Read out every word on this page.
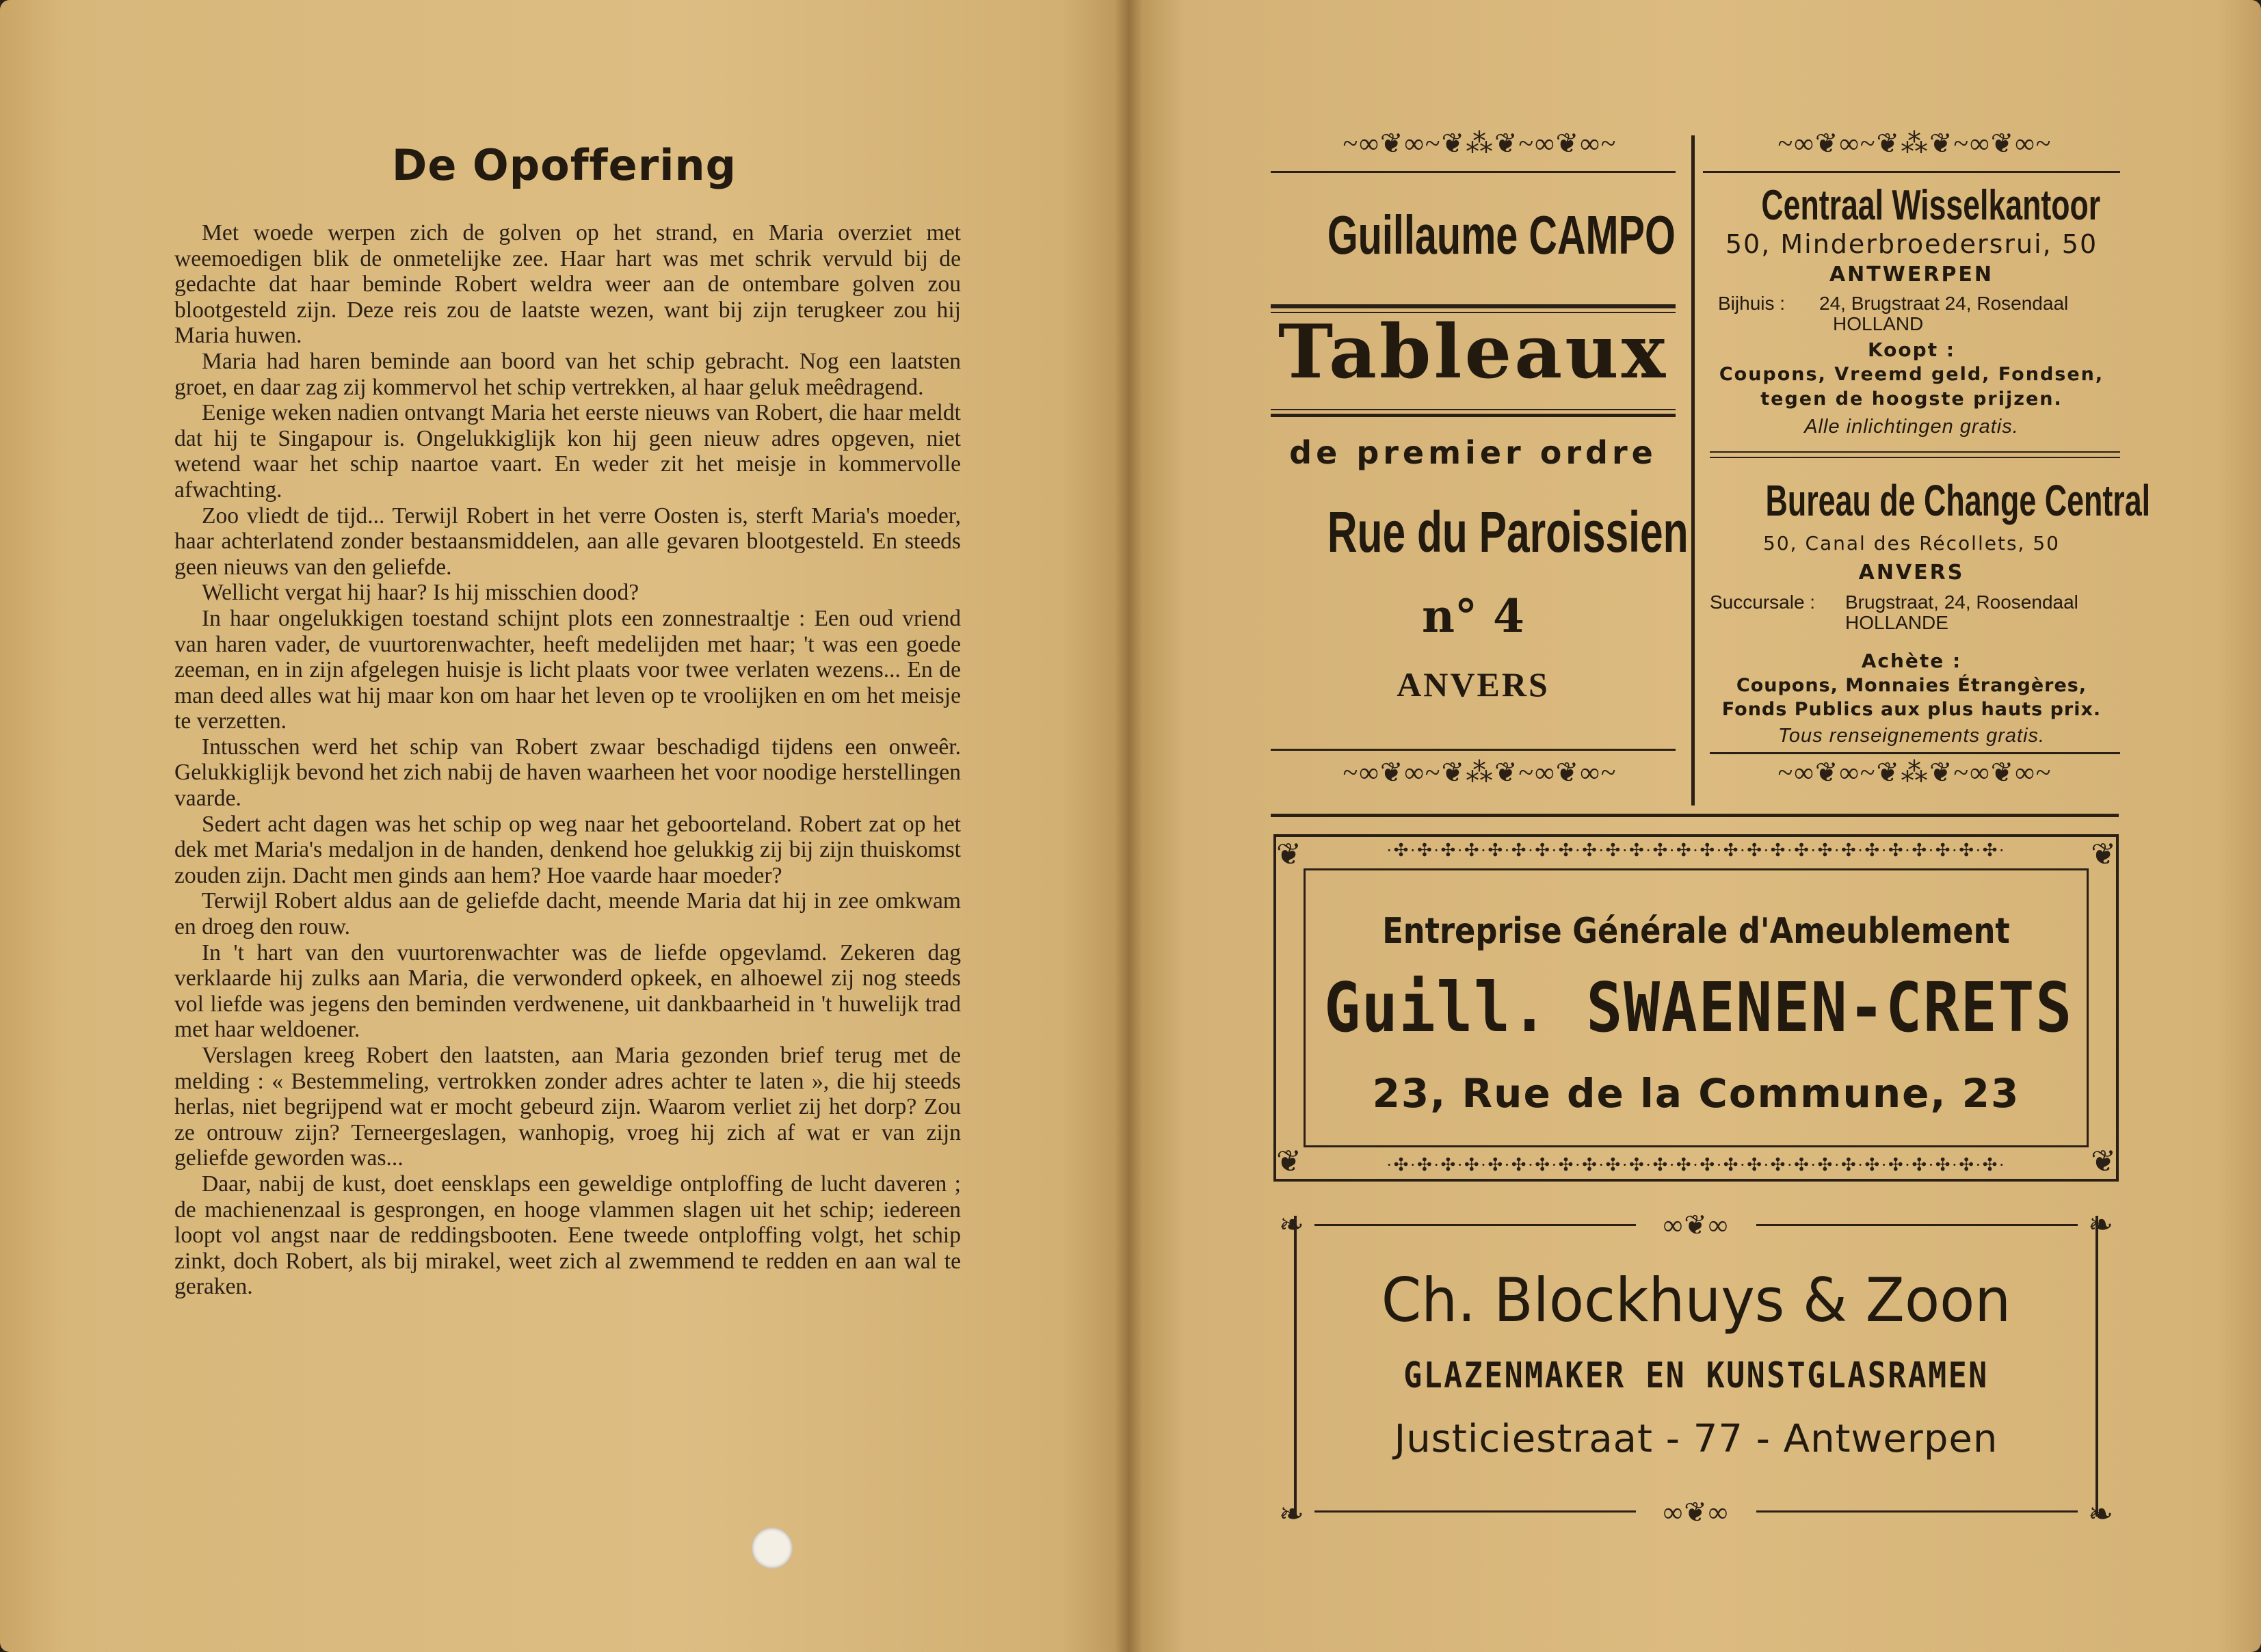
De Opoffering

Met woede werpen zich de golven op het strand, en Maria overziet met weemoedigen blik de onmetelijke zee. Haar hart was met schrik vervuld bij de gedachte dat haar beminde Robert weldra weer aan de ontembare golven zou blootgesteld zijn. Deze reis zou de laatste wezen, want bij zijn terugkeer zou hij Maria huwen.

Maria had haren beminde aan boord van het schip gebracht. Nog een laatsten groet, en daar zag zij kommervol het schip vertrekken, al haar geluk meêdragend.

Eenige weken nadien ontvangt Maria het eerste nieuws van Robert, die haar meldt dat hij te Singapour is. Ongelukkiglijk kon hij geen nieuw adres opgeven, niet wetend waar het schip naartoe vaart. En weder zit het meisje in kommervolle afwachting.

Zoo vliedt de tijd... Terwijl Robert in het verre Oosten is, sterft Maria's moeder, haar achterlatend zonder bestaansmiddelen, aan alle gevaren blootgesteld. En steeds geen nieuws van den geliefde.

Wellicht vergat hij haar? Is hij misschien dood?

In haar ongelukkigen toestand schijnt plots een zonnestraaltje : Een oud vriend van haren vader, de vuurtorenwachter, heeft medelijden met haar; 't was een goede zeeman, en in zijn afgelegen huisje is licht plaats voor twee verlaten wezens... En de man deed alles wat hij maar kon om haar het leven op te vroolijken en om het meisje te verzetten.

Intusschen werd het schip van Robert zwaar beschadigd tijdens een onweêr. Gelukkiglijk bevond het zich nabij de haven waarheen het voor noodige herstellingen vaarde.

Sedert acht dagen was het schip op weg naar het geboorteland. Robert zat op het dek met Maria's medaljon in de handen, denkend hoe gelukkig zij bij zijn thuiskomst zouden zijn. Dacht men ginds aan hem? Hoe vaarde haar moeder?

Terwijl Robert aldus aan de geliefde dacht, meende Maria dat hij in zee omkwam en droeg den rouw.

In 't hart van den vuurtorenwachter was de liefde opgevlamd. Zekeren dag verklaarde hij zulks aan Maria, die verwonderd opkeek, en alhoewel zij nog steeds vol liefde was jegens den beminden verdwenene, uit dankbaarheid in 't huwelijk trad met haar weldoener.

Verslagen kreeg Robert den laatsten, aan Maria gezonden brief terug met de melding : « Bestemmeling, vertrokken zonder adres achter te laten », die hij steeds herlas, niet begrijpend wat er mocht gebeurd zijn. Waarom verliet zij het dorp? Zou ze ontrouw zijn? Terneergeslagen, wanhopig, vroeg hij zich af wat er van zijn geliefde geworden was...

Daar, nabij de kust, doet eensklaps een geweldige ontploffing de lucht daveren ; de machienenzaal is gesprongen, en hooge vlammen slagen uit het schip; iedereen loopt vol angst naar de reddingsbooten. Eene tweede ontploffing volgt, het schip zinkt, doch Robert, als bij mirakel, weet zich al zwemmend te redden en aan wal te geraken.

~∞❦∞~❦⁂❦~∞❦∞~
Guillaume CAMPO
Tableaux
de premier ordre
Rue du Paroissien
n° 4
ANVERS
~∞❦∞~❦⁂❦~∞❦∞~
~∞❦∞~❦⁂❦~∞❦∞~
Centraal Wisselkantoor
50, Minderbroedersrui, 50
ANTWERPEN
Bijhuis : 24, Brugstraat 24, Rosendaal
HOLLAND
Koopt :
Coupons, Vreemd geld, Fondsen,
tegen de hoogste prijzen.
Alle inlichtingen gratis.
Bureau de Change Central
50, Canal des Récollets, 50
ANVERS
Succursale : Brugstraat, 24, Roosendaal
HOLLANDE
Achète :
Coupons, Monnaies Étrangères,
Fonds Publics aux plus hauts prix.
Tous renseignements gratis.
~∞❦∞~❦⁂❦~∞❦∞~
·✣·✣·✣·✣·✣·✣·✣·✣·✣·✣·✣·✣·✣·✣·✣·✣·✣·✣·✣·✣·✣·✣·✣·✣·✣·✣·
·✣·✣·✣·✣·✣·✣·✣·✣·✣·✣·✣·✣·✣·✣·✣·✣·✣·✣·✣·✣·✣·✣·✣·✣·✣·✣·
❦	❦
❦	❦
Entreprise Générale d'Ameublement
Guill. SWAENEN-CRETS
23, Rue de la Commune, 23
∞❦∞
∞❦∞
❧	❧
❧	❧
Ch. Blockhuys & Zoon
GLAZENMAKER EN KUNSTGLASRAMEN
Justiciestraat - 77 - Antwerpen
